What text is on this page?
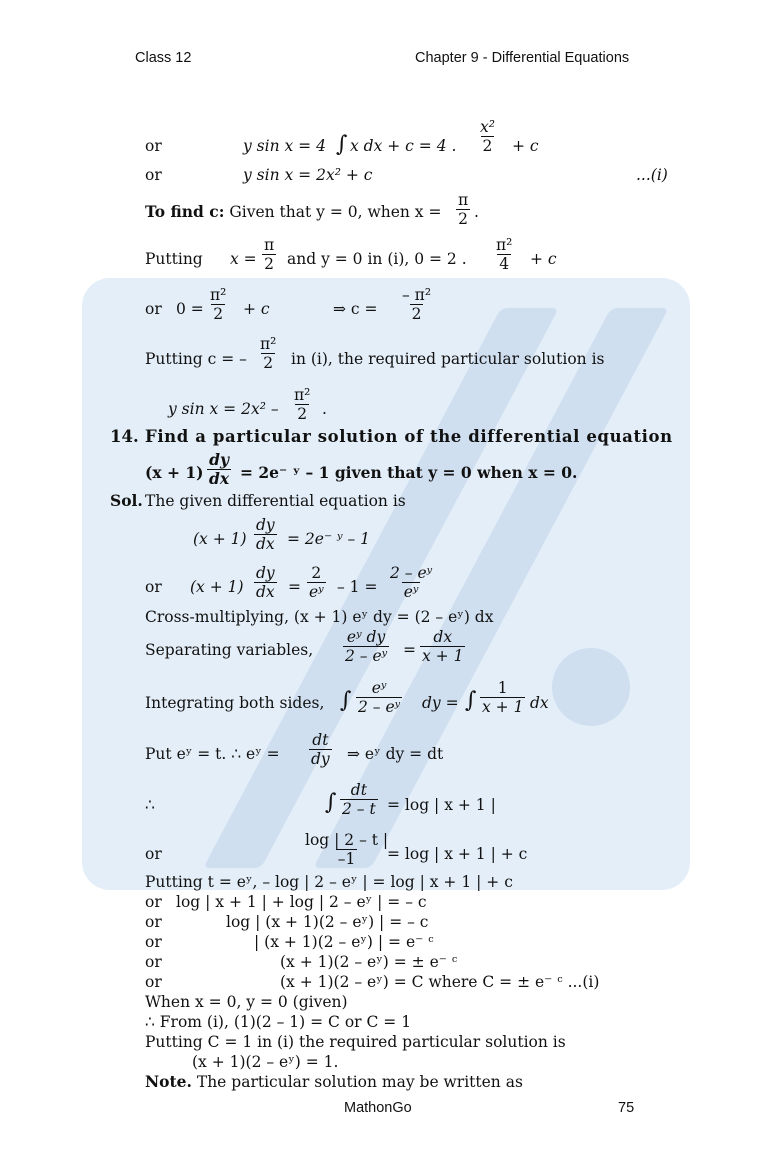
Class 12	Chapter 9 - Differential Equations
or	y sin x = 4 ∫ x dx + c = 4 . $\frac{\text{x²}}{2} + c$
or	y sin x = 2x² + c	...(i)
To find c: Given that y = 0, when $x = \frac{\pi}{2}$ .
Putting $x = \frac{\pi}{2}$ and y = 0 in (i), 0 = 2 . $\frac{\text{π²}}{4} + c$
or $0 = \frac{\text{π²}}{2} + c$	⇒ $c = \frac{\text{– π²}}{2}$
Putting c = – $\frac{\text{π²}}{2}$ in (i), the required particular solution is
y $\sin x = 2x^2 - \frac{\text{π²}}{2}$ .
14. Find a particular solution of the differential equation
$(x + 1) \frac{dy}{dx} = 2e^-$ ʸ – 1 given that y = 0 when x = 0.
Sol. The given differential equation is
$(x + 1) \frac{dy}{dx} = 2e^-$ ʸ – 1
or $(x + 1) \frac{dy}{dx} = \frac{2}{\text{eʸ}} - 1 = \frac{\text{2 – eʸ}}{\text{eʸ}}$
Cross-multiplying, (x + 1) eʸ dy = (2 – eʸ) dx
Separating variables, $\frac{\text{eʸ dy}}{\text{2 – eʸ}} = \frac{dx}{x + 1}$
Integrating both sides, ∫ $\frac{\text{eʸ}}{\text{2 – eʸ}}$ dy = ∫ $\frac{1}{x + 1}$ dx
Put eʸ = t. ∴ eʸ = $\frac{dt}{dy}$ ⇒ eʸ dy = dt
∴	∫ $\frac{dt}{2 - t} = \log$ | x + 1 |
or	$\frac{\log | 2 - t |}{-1}$
= log | x + 1 | + c
Putting t = eʸ, – log | 2 – eʸ | = log | x + 1 | + c
or log | x + 1 | + log | 2 – eʸ | = – c
or	log | (x + 1)(2 – eʸ) | = – c
or	| (x + 1)(2 – eʸ) | = e⁻ ᶜ
or	(x + 1)(2 – eʸ) = ± e⁻ ᶜ
or	(x + 1)(2 – eʸ) = C where C = ± e⁻ ᶜ ...(i)
When x = 0, y = 0 (given)
∴ From (i), (1)(2 – 1) = C or C = 1
Putting C = 1 in (i) the required particular solution is
(x + 1)(2 – eʸ) = 1.
Note. The particular solution may be written as
MathonGo	75
